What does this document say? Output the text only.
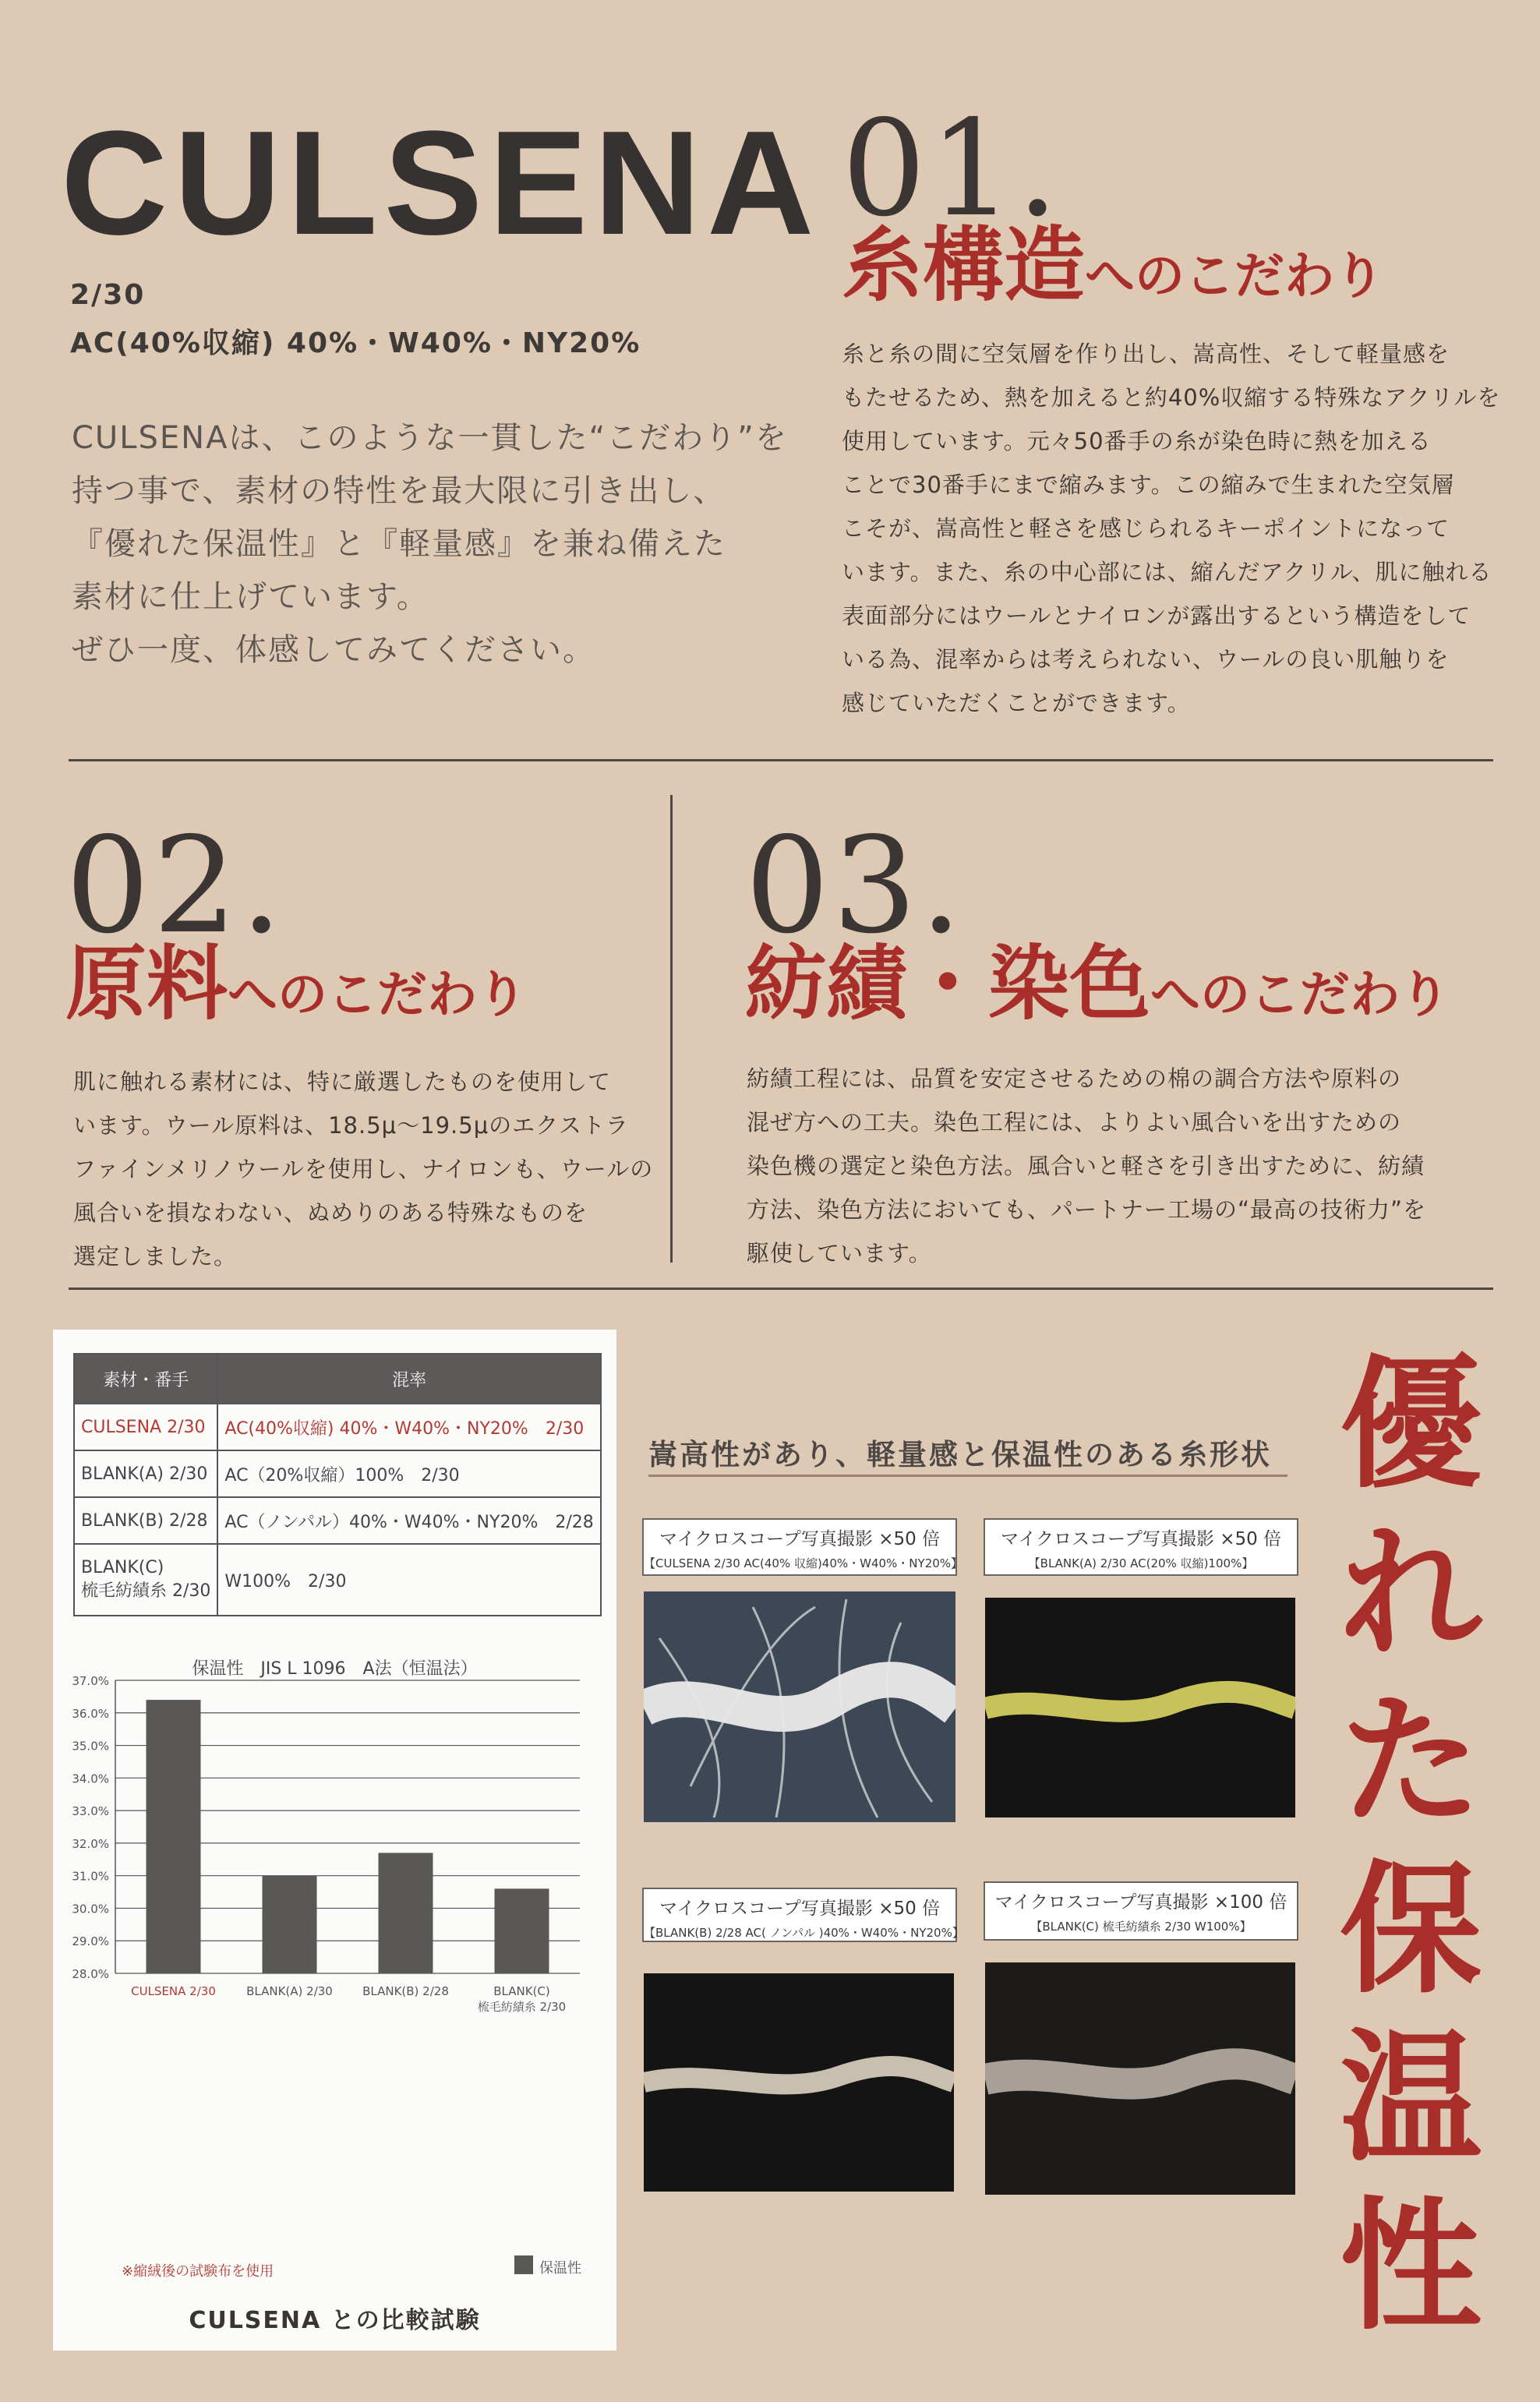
CULSENA
2/30
AC(40%収縮) 40%・W40%・NY20%
CULSENAは、このような一貫した“こだわり”を
持つ事で、素材の特性を最大限に引き出し、
『優れた保温性』と『軽量感』を兼ね備えた
素材に仕上げています。
ぜひ一度、体感してみてください。
01.
糸構造へのこだわり
糸と糸の間に空気層を作り出し、嵩高性、そして軽量感を
もたせるため、熱を加えると約40%収縮する特殊なアクリルを
使用しています。元々50番手の糸が染色時に熱を加える
ことで30番手にまで縮みます。この縮みで生まれた空気層
こそが、嵩高性と軽さを感じられるキーポイントになって
います。また、糸の中心部には、縮んだアクリル、肌に触れる
表面部分にはウールとナイロンが露出するという構造をして
いる為、混率からは考えられない、ウールの良い肌触りを
感じていただくことができます。
02.
原料へのこだわり
肌に触れる素材には、特に厳選したものを使用して
います。ウール原料は、18.5μ～19.5μのエクストラ
ファインメリノウールを使用し、ナイロンも、ウールの
風合いを損なわない、ぬめりのある特殊なものを
選定しました。
03.
紡績・染色へのこだわり
紡績工程には、品質を安定させるための棉の調合方法や原料の
混ぜ方への工夫。染色工程には、よりよい風合いを出すための
染色機の選定と染色方法。風合いと軽さを引き出すために、紡績
方法、染色方法においても、パートナー工場の“最高の技術力”を
駆使しています。
素材・番手	混率
CULSENA 2/30	AC(40%収縮) 40%・W40%・NY20%　2/30
BLANK(A) 2/30	AC（20%収縮）100%　2/30
BLANK(B) 2/28	AC（ノンパル）40%・W40%・NY20%　2/28

BLANK(C)
梳毛紡績糸 2/30	W100%　2/30
保温性　JIS L 1096　A法（恒温法）
28.0%
29.0%
30.0%
31.0%
32.0%
33.0%
34.0%
35.0%
36.0%
37.0%
CULSENA 2/30	BLANK(A) 2/30	BLANK(B) 2/28	BLANK(C)
梳毛紡績糸 2/30
※縮絨後の試験布を使用	保温性
CULSENA との比較試験
嵩高性があり、軽量感と保温性のある糸形状
マイクロスコープ写真撮影 ×50 倍
【CULSENA 2/30 AC(40% 収縮)40%・W40%・NY20%】
マイクロスコープ写真撮影 ×50 倍
【BLANK(A) 2/30 AC(20% 収縮)100%】
マイクロスコープ写真撮影 ×50 倍
【BLANK(B) 2/28 AC( ノンパル )40%・W40%・NY20%】
マイクロスコープ写真撮影 ×100 倍
【BLANK(C) 梳毛紡績糸 2/30 W100%】
優
れ
た
保
温
性
